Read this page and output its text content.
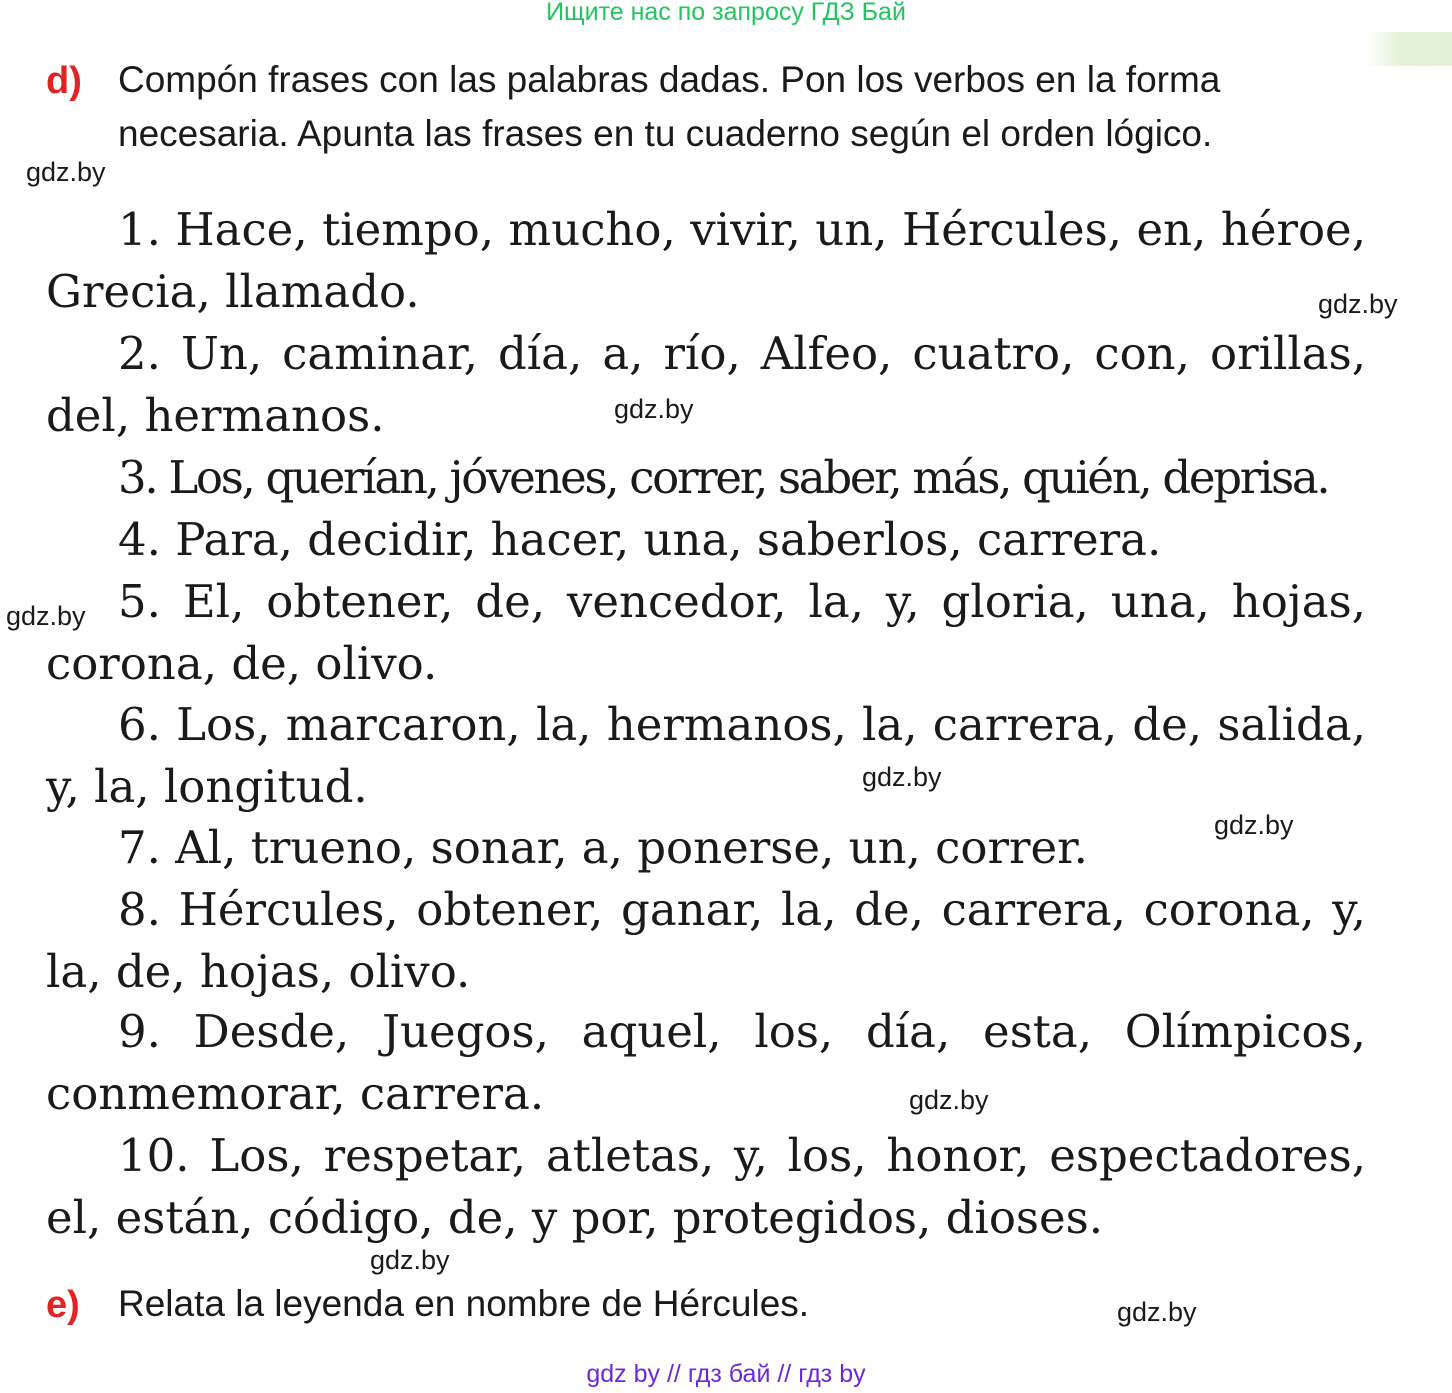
Ищите нас по запросу ГДЗ Бай
d) Compón frases con las palabras dadas. Pon los verbos en la forma
necesaria. Apunta las frases en tu cuaderno según el orden lógico.
1. Hace, tiempo, mucho, vivir, un, Hércules, en, héroe, Grecia, llamado.
2. Un, caminar, día, a, río, Alfeo, cuatro, con, orillas, del, hermanos.
3. Los, querían, jóvenes, correr, saber, más, quién, deprisa.
4. Para, decidir, hacer, una, saberlos, carrera.
5. El, obtener, de, vencedor, la, y, gloria, una, hojas, corona, de, olivo.
6. Los, marcaron, la, hermanos, la, carrera, de, salida, y, la, longitud.
7. Al, trueno, sonar, a, ponerse, un, correr.
8. Hércules, obtener, ganar, la, de, carrera, corona, y, la, de, hojas, olivo.
9. Desde, Juegos, aquel, los, día, esta, Olímpicos, conmemorar, carrera.
10. Los, respetar, atletas, y, los, honor, espectadores, el, están, código, de, y por, protegidos, dioses.
e) Relata la leyenda en nombre de Hércules.
gdz.by
gdz.by
gdz.by
gdz.by
gdz.by
gdz.by
gdz.by
gdz.by
gdz.by
gdz by // гдз бай // гдз by
